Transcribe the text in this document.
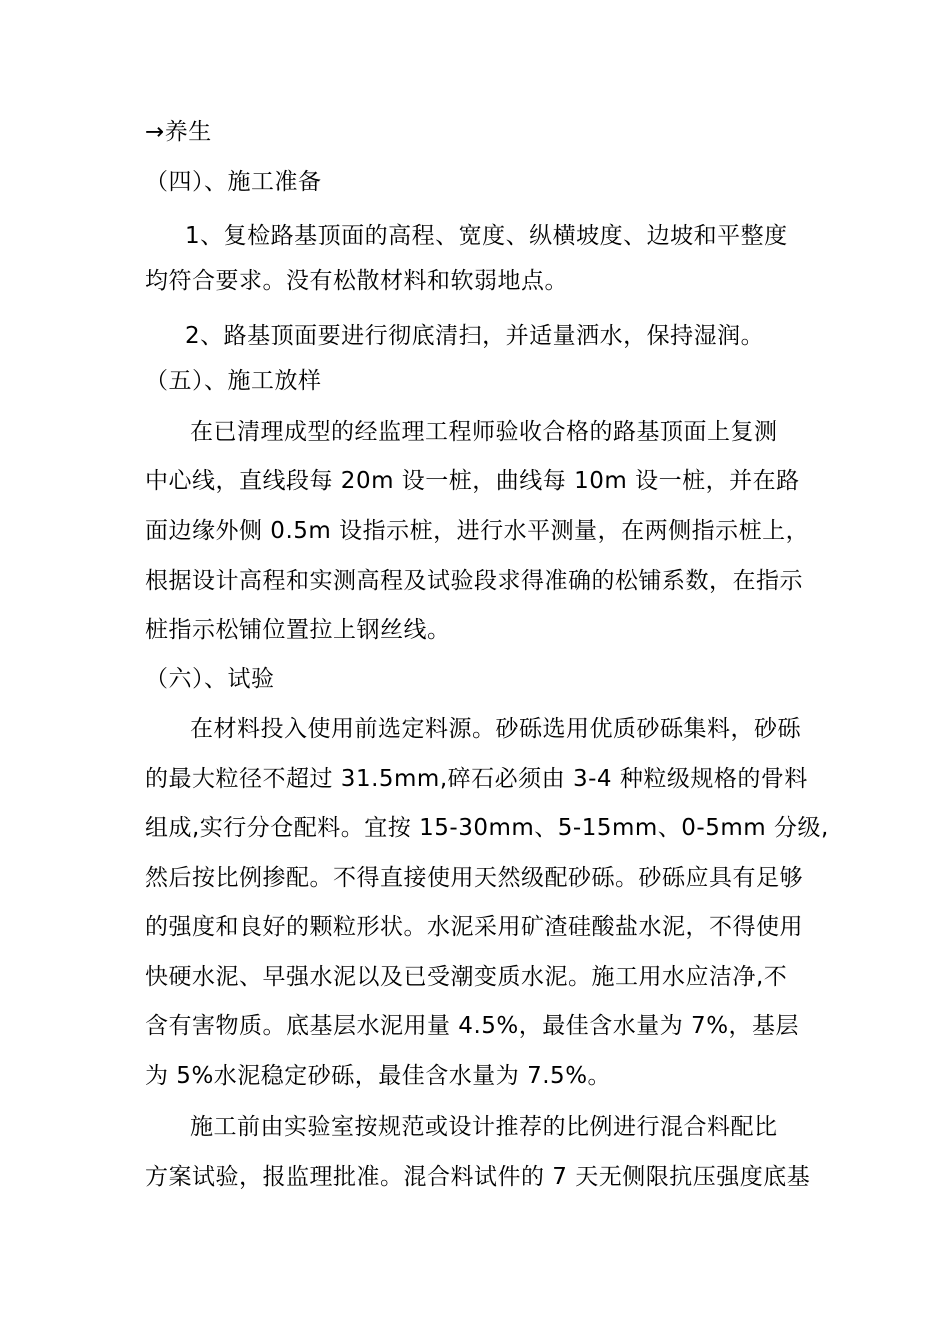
→养生
（四）、施工准备
1、复检路基顶面的高程、宽度、纵横坡度、边坡和平整度
均符合要求。没有松散材料和软弱地点。
2、路基顶面要进行彻底清扫，并适量洒水，保持湿润。
（五）、施工放样
在已清理成型的经监理工程师验收合格的路基顶面上复测
中心线，直线段每 20m 设一桩，曲线每 10m 设一桩，并在路
面边缘外侧 0.5m 设指示桩，进行水平测量，在两侧指示桩上，
根据设计高程和实测高程及试验段求得准确的松铺系数，在指示
桩指示松铺位置拉上钢丝线。
（六）、试验
在材料投入使用前选定料源。砂砾选用优质砂砾集料，砂砾
的最大粒径不超过 31.5mm,碎石必须由 3-4 种粒级规格的骨料
组成,实行分仓配料。宜按 15-30mm、5-15mm、0-5mm 分级,
然后按比例掺配。不得直接使用天然级配砂砾。砂砾应具有足够
的强度和良好的颗粒形状。水泥采用矿渣硅酸盐水泥，不得使用
快硬水泥、早强水泥以及已受潮变质水泥。施工用水应洁净,不
含有害物质。底基层水泥用量 4.5%，最佳含水量为 7%，基层
为 5%水泥稳定砂砾，最佳含水量为 7.5%。
施工前由实验室按规范或设计推荐的比例进行混合料配比
方案试验，报监理批准。混合料试件的 7 天无侧限抗压强度底基
